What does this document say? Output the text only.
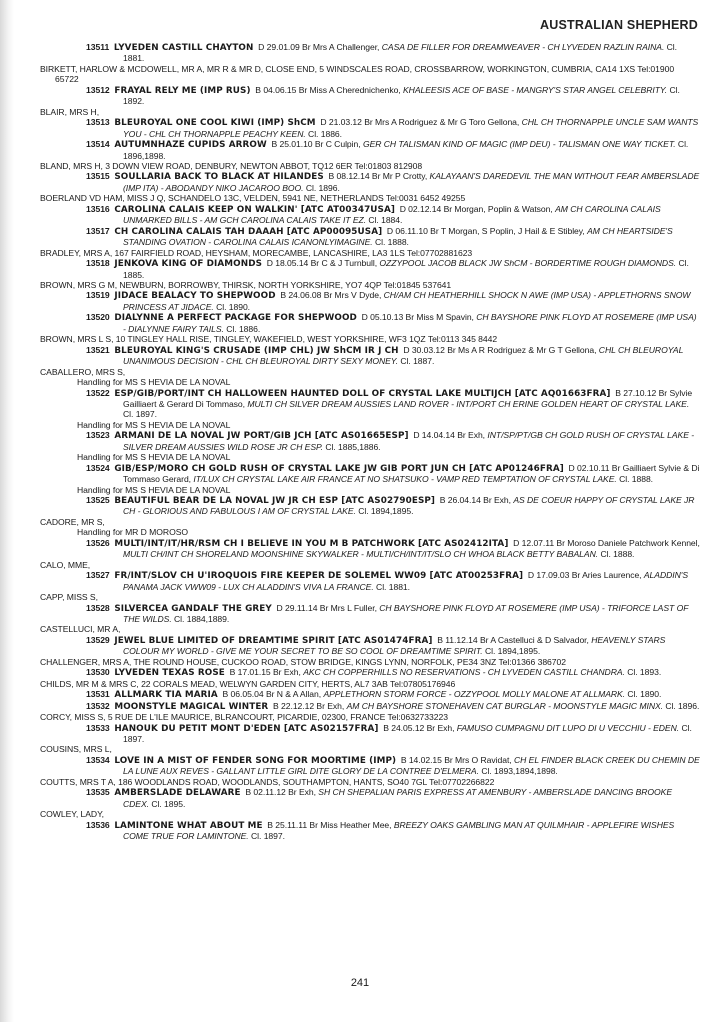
AUSTRALIAN SHEPHERD
13511 LYVEDEN CASTILL CHAYTON D 29.01.09 Br Mrs A Challenger, CASA DE FILLER FOR DREAMWEAVER - CH LYVEDEN RAZLIN RAINA. Cl. 1881.
BIRKETT, HARLOW & MCDOWELL, MR A, MR R & MR D, CLOSE END, 5 WINDSCALES ROAD, CROSSBARROW, WORKINGTON, CUMBRIA, CA14 1XS Tel:01900 65722
13512 FRAYAL RELY ME (IMP RUS) B 04.06.15 Br Miss A Cherednichenko, KHALEESIS ACE OF BASE - MANGRY'S STAR ANGEL CELEBRITY. Cl. 1892.
BLAIR, MRS H,
13513 BLEUROYAL ONE COOL KIWI (IMP) ShCM D 21.03.12 Br Mrs A Rodriguez & Mr G Toro Gellona, CHL CH THORNAPPLE UNCLE SAM WANTS YOU - CHL CH THORNAPPLE PEACHY KEEN. Cl. 1886.
13514 AUTUMNHAZE CUPIDS ARROW B 25.01.10 Br C Culpin, GER CH TALISMAN KIND OF MAGIC (IMP DEU) - TALISMAN ONE WAY TICKET. Cl. 1896,1898.
BLAND, MRS H, 3 DOWN VIEW ROAD, DENBURY, NEWTON ABBOT, TQ12 6ER Tel:01803 812908
13515 SOULLARIA BACK TO BLACK AT HILANDES B 08.12.14 Br Mr P Crotty, KALAYAAN'S DAREDEVIL THE MAN WITHOUT FEAR AMBERSLADE (IMP ITA) - ABODANDY NIKO JACAROO BOO. Cl. 1896.
BOERLAND VD HAM, MISS J Q, SCHANDELO 13C, VELDEN, 5941 NE, NETHERLANDS Tel:0031 6452 49255
13516 CAROLINA CALAIS KEEP ON WALKIN' [ATC AT00347USA] D 02.12.14 Br Morgan, Poplin & Watson, AM CH CAROLINA CALAIS UNMARKED BILLS - AM GCH CAROLINA CALAIS TAKE IT EZ. Cl. 1884.
13517 CH CAROLINA CALAIS TAH DAAAH [ATC AP00095USA] D 06.11.10 Br T Morgan, S Poplin, J Hail & E Stibley, AM CH HEARTSIDE'S STANDING OVATION - CAROLINA CALAIS ICANONLYIMAGINE. Cl. 1888.
BRADLEY, MRS A, 167 FAIRFIELD ROAD, HEYSHAM, MORECAMBE, LANCASHIRE, LA3 1LS Tel:07702881623
13518 JENKOVA KING OF DIAMONDS D 18.05.14 Br C & J Turnbull, OZZYPOOL JACOB BLACK JW ShCM - BORDERTIME ROUGH DIAMONDS. Cl. 1885.
BROWN, MRS G M, NEWBURN, BORROWBY, THIRSK, NORTH YORKSHIRE, YO7 4QP Tel:01845 537641
13519 JIDACE BEALACY TO SHEPWOOD B 24.06.08 Br Mrs V Dyde, CH/AM CH HEATHERHILL SHOCK N AWE (IMP USA) - APPLETHORNS SNOW PRINCESS AT JIDACE. Cl. 1890.
13520 DIALYNNE A PERFECT PACKAGE FOR SHEPWOOD D 05.10.13 Br Miss M Spavin, CH BAYSHORE PINK FLOYD AT ROSEMERE (IMP USA) - DIALYNNE FAIRY TAILS. Cl. 1886.
BROWN, MRS L S, 10 TINGLEY HALL RISE, TINGLEY, WAKEFIELD, WEST YORKSHIRE, WF3 1QZ Tel:0113 345 8442
13521 BLEUROYAL KING'S CRUSADE (IMP CHL) JW ShCM IR J CH D 30.03.12 Br Ms A R Rodriguez & Mr G T Gellona, CHL CH BLEUROYAL UNANIMOUS DECISION - CHL CH BLEUROYAL DIRTY SEXY MONEY. Cl. 1887.
CABALLERO, MRS S,
Handling for MS S HEVIA DE LA NOVAL
13522 ESP/GIB/PORT/INT CH HALLOWEEN HAUNTED DOLL OF CRYSTAL LAKE MULTIJCH [ATC AQ01663FRA] B 27.10.12 Br Sylvie Gailliaert & Gerard Di Tommaso, MULTI CH SILVER DREAM AUSSIES LAND ROVER - INT/PORT CH ERINE GOLDEN HEART OF CRYSTAL LAKE. Cl. 1897.
Handling for MS S HEVIA DE LA NOVAL
13523 ARMANI DE LA NOVAL JW PORT/GIB JCH [ATC AS01665ESP] D 14.04.14 Br Exh, INT/SP/PT/GB CH GOLD RUSH OF CRYSTAL LAKE - SILVER DREAM AUSSIES WILD ROSE JR CH ESP. Cl. 1885,1886.
Handling for MS S HEVIA DE LA NOVAL
13524 GIB/ESP/MORO CH GOLD RUSH OF CRYSTAL LAKE JW GIB PORT JUN CH [ATC AP01246FRA] D 02.10.11 Br Gailliaert Sylvie & Di Tommaso Gerard, IT/LUX CH CRYSTAL LAKE AIR FRANCE AT NO SHATSUKO - VAMP RED TEMPTATION OF CRYSTAL LAKE. Cl. 1888.
Handling for MS S HEVIA DE LA NOVAL
13525 BEAUTIFUL BEAR DE LA NOVAL JW JR CH ESP [ATC AS02790ESP] B 26.04.14 Br Exh, AS DE COEUR HAPPY OF CRYSTAL LAKE JR CH - GLORIOUS AND FABULOUS I AM OF CRYSTAL LAKE. Cl. 1894,1895.
CADORE, MR S,
Handling for MR D MOROSO
13526 MULTI/INT/IT/HR/RSM CH I BELIEVE IN YOU M B PATCHWORK [ATC AS02412ITA] D 12.07.11 Br Moroso Daniele Patchwork Kennel, MULTI CH/INT CH SHORELAND MOONSHINE SKYWALKER - MULTI/CH/INT/IT/SLO CH WHOA BLACK BETTY BABALAN. Cl. 1888.
CALO, MME,
13527 FR/INT/SLOV CH U'IROQUOIS FIRE KEEPER DE SOLEMEL WW09 [ATC AT00253FRA] D 17.09.03 Br Aries Laurence, ALADDIN'S PANAMA JACK VWW09 - LUX CH ALADDIN'S VIVA LA FRANCE. Cl. 1881.
CAPP, MISS S,
13528 SILVERCEA GANDALF THE GREY D 29.11.14 Br Mrs L Fuller, CH BAYSHORE PINK FLOYD AT ROSEMERE (IMP USA) - TRIFORCE LAST OF THE WILDS. Cl. 1884,1889.
CASTELLUCI, MR A,
13529 JEWEL BLUE LIMITED OF DREAMTIME SPIRIT [ATC AS01474FRA] B 11.12.14 Br A Castelluci & D Salvador, HEAVENLY STARS COLOUR MY WORLD - GIVE ME YOUR SECRET TO BE SO COOL OF DREAMTIME SPIRIT. Cl. 1894,1895.
CHALLENGER, MRS A, THE ROUND HOUSE, CUCKOO ROAD, STOW BRIDGE, KINGS LYNN, NORFOLK, PE34 3NZ Tel:01366 386702
13530 LYVEDEN TEXAS ROSE B 17.01.15 Br Exh, AKC CH COPPERHILLS NO RESERVATIONS - CH LYVEDEN CASTILL CHANDRA. Cl. 1893.
CHILDS, MR M & MRS C, 22 CORALS MEAD, WELWYN GARDEN CITY, HERTS, AL7 3AB Tel:07805176946
13531 ALLMARK TIA MARIA B 06.05.04 Br N & A Allan, APPLETHORN STORM FORCE - OZZYPOOL MOLLY MALONE AT ALLMARK. Cl. 1890.
13532 MOONSTYLE MAGICAL WINTER B 22.12.12 Br Exh, AM CH BAYSHORE STONEHAVEN CAT BURGLAR - MOONSTYLE MAGIC MINX. Cl. 1896.
CORCY, MISS S, 5 RUE DE L'ILE MAURICE, BLRANCOURT, PICARDIE, 02300, FRANCE Tel:0632733223
13533 HANOUK DU PETIT MONT D'EDEN [ATC AS02157FRA] B 24.05.12 Br Exh, FAMUSO CUMPAGNU DIT LUPO DI U VECCHIU - EDEN. Cl. 1897.
COUSINS, MRS L,
13534 LOVE IN A MIST OF FENDER SONG FOR MOORTIME (IMP) B 14.02.15 Br Mrs O Ravidat, CH EL FINDER BLACK CREEK DU CHEMIN DE LA LUNE AUX REVES - GALLANT LITTLE GIRL DITE GLORY DE LA CONTREE D'ELMERA. Cl. 1893,1894,1898.
COUTTS, MRS T A, 186 WOODLANDS ROAD, WOODLANDS, SOUTHAMPTON, HANTS, SO40 7GL Tel:07702266822
13535 AMBERSLADE DELAWARE B 02.11.12 Br Exh, SH CH SHEPALIAN PARIS EXPRESS AT AMENBURY - AMBERSLADE DANCING BROOKE CDEX. Cl. 1895.
COWLEY, LADY,
13536 LAMINTONE WHAT ABOUT ME B 25.11.11 Br Miss Heather Mee, BREEZY OAKS GAMBLING MAN AT QUILMHAIR - APPLEFIRE WISHES COME TRUE FOR LAMINTONE. Cl. 1897.
241
